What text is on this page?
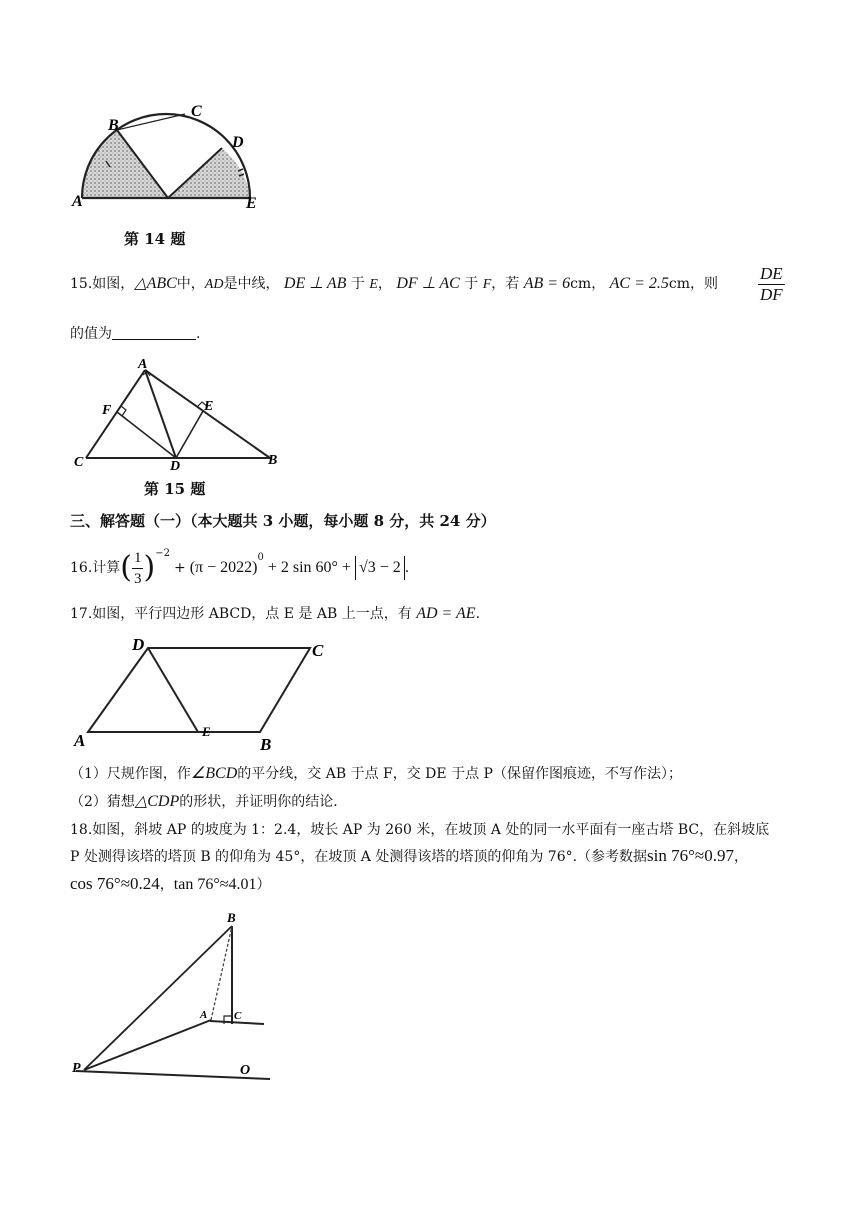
A
B
C
D
E
第 14 题
15.如图，△ABC中，AD是中线， DE ⊥ AB 于 E， DF ⊥ AC 于 F，若 AB = 6cm， AC = 2.5cm，则 $\frac{DE}{DF}$
的值为	.
A
F	E
C	D	B
第 15 题
三、解答题（一）（本大题共 3 小题，每小题 8 分，共 24 分）
16.计算 ( $\frac{1}{3} )^{-2}$
+ (π − 2022)
$^0$
+ 2 sin 60° + √3 − 2 .
17.如图，平行四边形 ABCD，点 E 是 AB 上一点，有 AD = AE.
D	C
A	E
B
（1）尺规作图，作∠BCD的平分线，交 AB 于点 F，交 DE 于点 P（保留作图痕迹，不写作法）；
（2）猜想△CDP的形状，并证明你的结论.
18.如图，斜坡 AP 的坡度为 1：2.4，坡长 AP 为 260 米，在坡顶 A 处的同一水平面有一座古塔 BC，在斜坡底
P 处测得该塔的塔顶 B 的仰角为 45°，在坡顶 A 处测得该塔的塔顶的仰角为 76°.（参考数据sin 76°≈0.97，
cos 76°≈0.24，tan 76°≈4.01）
B
A C
P	O
